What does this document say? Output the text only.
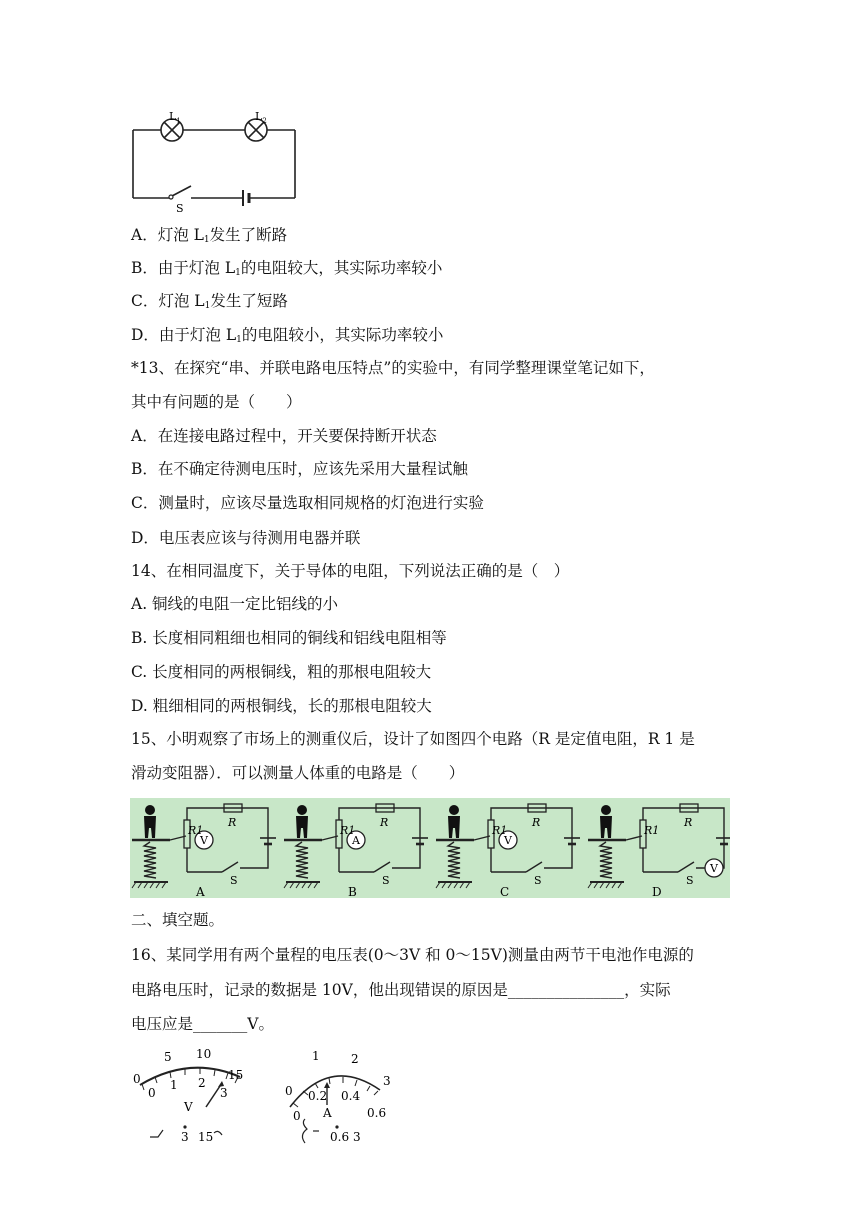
$L_1$	$L_2$
S
A．灯泡 $L_1$发生了断路
B．由于灯泡 $L_1$的电阻较大，其实际功率较小
C．灯泡 $L_1$发生了短路
D．由于灯泡 $L_1$的电阻较小，其实际功率较小
*13、在探究“串、并联电路电压特点”的实验中，有同学整理课堂笔记如下，
其中有问题的是（　　）
A．在连接电路过程中，开关要保持断开状态
B．在不确定待测电压时，应该先采用大量程试触
C．测量时，应该尽量选取相同规格的灯泡进行实验
D．电压表应该与待测用电器并联
14、在相同温度下，关于导体的电阻，下列说法正确的是（　）
A. 铜线的电阻一定比铝线的小
B. 长度相同粗细也相同的铜线和铝线电阻相等
C. 长度相同的两根铜线，粗的那根电阻较大
D. 粗细相同的两根铜线，长的那根电阻较大
15、小明观察了市场上的测重仪后，设计了如图四个电路（R 是定值电阻，R 1 是
滑动变阻器）．可以测量人体重的电路是（　　）
V
R1
R
S
A
A
R1
R
S
B
V
R1
R
S
C
V
R1
R
S
D
二、填空题。
16、某同学用有两个量程的电压表(0～3V 和 0～15V)测量由两节干电池作电源的
电路电压时，记录的数据是 10V，他出现错误的原因是_______________，实际
电压应是_______V。
0
5 10
15
0
1 2
3
V
3 15
0
1	2
3
0
0.2 0.4
0.6
A
0.6 3
